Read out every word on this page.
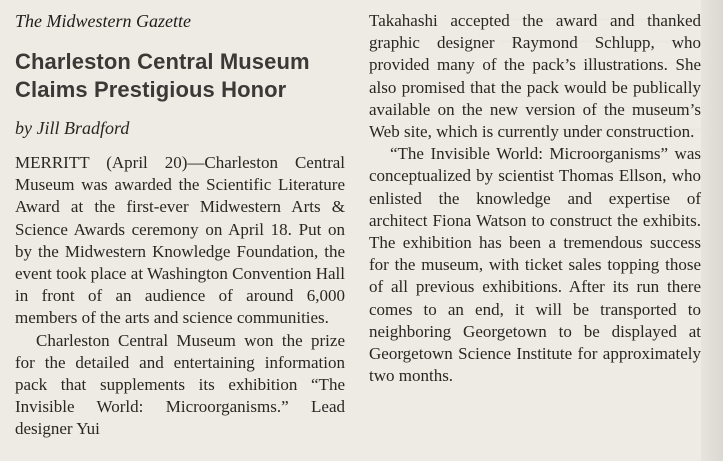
The Midwestern Gazette
Charleston Central Museum Claims Prestigious Honor
by Jill Bradford

MERRITT (April 20)—Charleston Central Museum was awarded the Scientific Literature Award at the first-ever Midwestern Arts & Science Awards ceremony on April 18. Put on by the Midwestern Knowledge Foundation, the event took place at Washington Convention Hall in front of an audience of around 6,000 members of the arts and science communities.

Charleston Central Museum won the prize for the detailed and entertaining information pack that supplements its exhibition “The Invisible World: Microorganisms.” Lead designer Yui

Takahashi accepted the award and thanked graphic designer Raymond Schlupp, who provided many of the pack’s illustrations. She also promised that the pack would be publically available on the new version of the museum’s Web site, which is currently under construction.

“The Invisible World: Microorganisms” was conceptualized by scientist Thomas Ellson, who enlisted the knowledge and expertise of architect Fiona Watson to construct the exhibits. The exhibition has been a tremendous success for the museum, with ticket sales topping those of all previous exhibitions. After its run there comes to an end, it will be transported to neighboring Georgetown to be displayed at Georgetown Science Institute for approximately two months.
